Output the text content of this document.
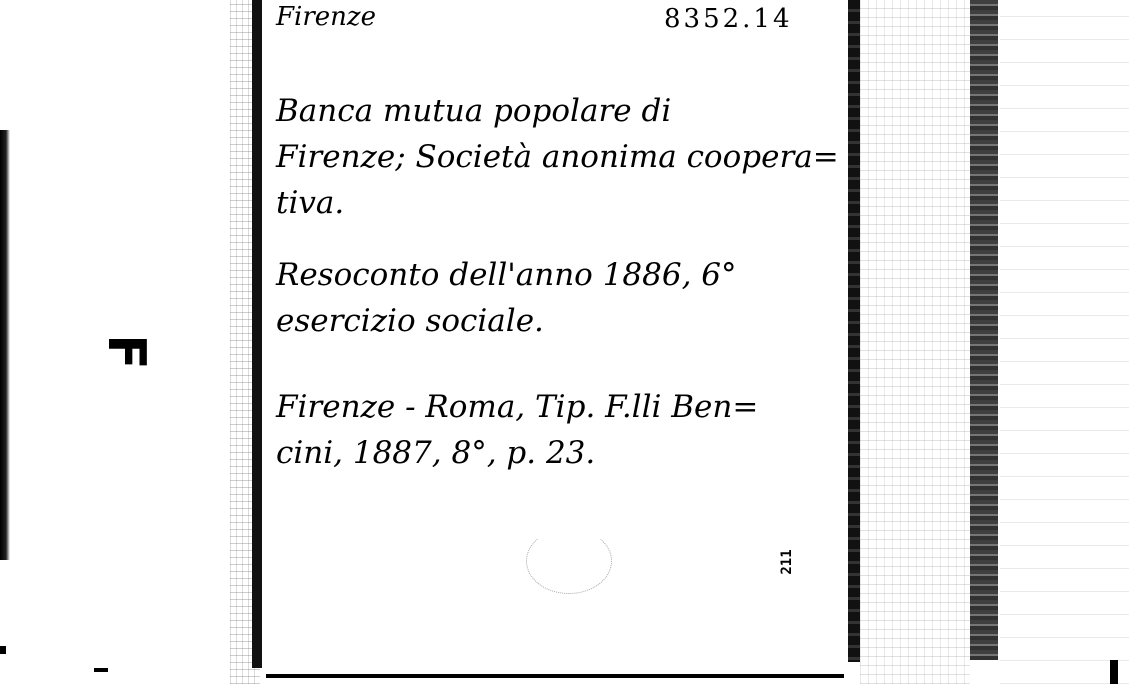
F
Firenze	8352.14
Banca mutua popolare di
Firenze; Società anonima coopera=
tiva.
Resoconto dell'anno 1886, 6°
esercizio sociale.
Firenze - Roma, Tip. F.lli Ben=
cini, 1887, 8°, p. 23.
211
